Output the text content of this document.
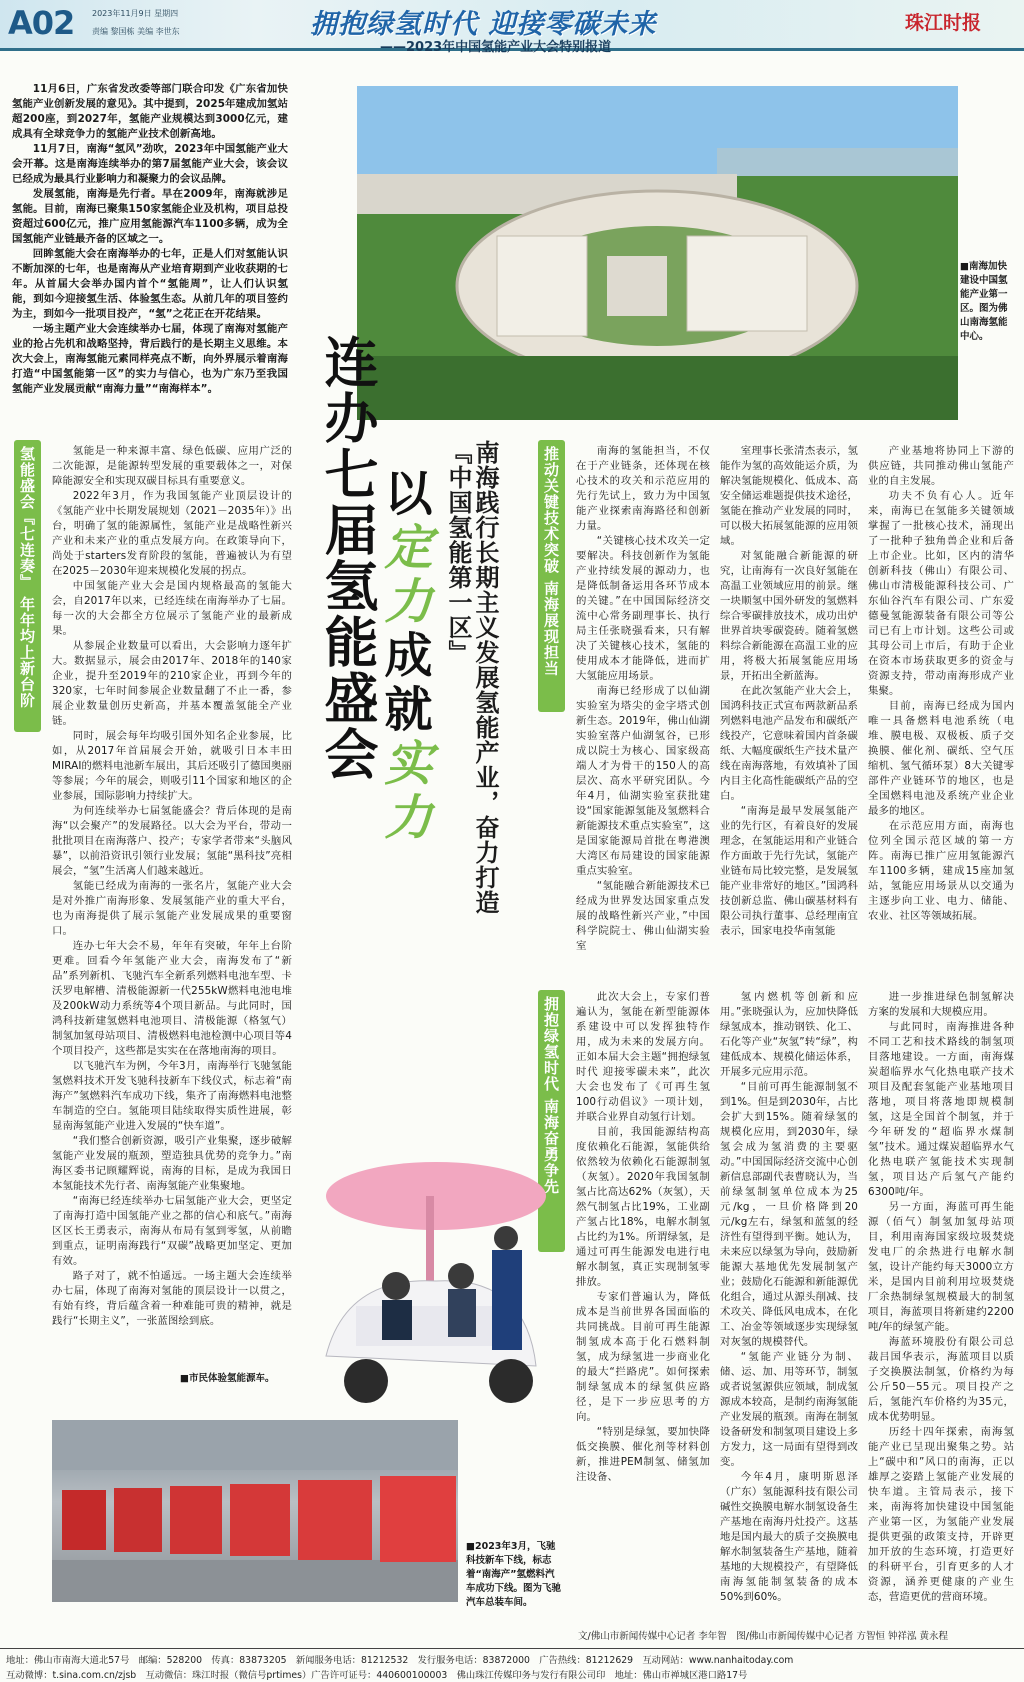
A02 2023年11月9日 星期四
责编 黎国栋 美编 李世东	拥抱绿氢时代 迎接零碳未来
——2023年中国氢能产业大会特别报道
珠江时报

11月6日，广东省发改委等部门联合印发《广东省加快氢能产业创新发展的意见》。其中提到，2025年建成加氢站超200座，到2027年，氢能产业规模达到3000亿元，建成具有全球竞争力的氢能产业技术创新高地。

11月7日，南海“氢风”劲吹，2023年中国氢能产业大会开幕。这是南海连续举办的第7届氢能产业大会，该会议已经成为最具行业影响力和凝聚力的会议品牌。

发展氢能，南海是先行者。早在2009年，南海就涉足氢能。目前，南海已聚集150家氢能企业及机构，项目总投资超过600亿元，推广应用氢能源汽车1100多辆，成为全国氢能产业链最齐备的区域之一。

回眸氢能大会在南海举办的七年，正是人们对氢能认识不断加深的七年，也是南海从产业培育期到产业收获期的七年。从首届大会举办国内首个“氢能周”，让人们认识氢能，到如今迎接氢生活、体验氢生态。从前几年的项目签约为主，到如今一批项目投产，“氢”之花正在开花结果。

一场主题产业大会连续举办七届，体现了南海对氢能产业的抢占先机和战略坚持，背后践行的是长期主义思维。本次大会上，南海氢能元素同样亮点不断，向外界展示着南海打造“中国氢能第一区”的实力与信心，也为广东乃至我国氢能产业发展贡献“南海力量”“南海样本”。

■南海加快建设中国氢能产业第一区。图为佛山南海氢能中心。
连办七届氢能盛会
以定力成就实力	南海践行长期主义发展氢能产业，奋力打造『中国氢能第一区』
氢能盛会『七连奏』 年年均上新台阶	推动关键技术突破 南海展现担当
拥抱绿氢时代 南海奋勇争先

氢能是一种来源丰富、绿色低碳、应用广泛的二次能源，是能源转型发展的重要载体之一，对保障能源安全和实现双碳目标具有重要意义。

2022年3月，作为我国氢能产业顶层设计的《氢能产业中长期发展规划（2021－2035年）》出台，明确了氢的能源属性，氢能产业是战略性新兴产业和未来产业的重点发展方向。在政策导向下，尚处于starters发育阶段的氢能，普遍被认为有望在2025－2030年迎来规模化发展的拐点。

中国氢能产业大会是国内规格最高的氢能大会，自2017年以来，已经连续在南海举办了七届。每一次的大会都全方位展示了氢能产业的最新成果。

从参展企业数量可以看出，大会影响力逐年扩大。数据显示，展会由2017年、2018年的140家企业，提升至2019年的210家企业，再到今年的320家，七年时间参展企业数量翻了不止一番，参展企业数量创历史新高，并基本覆盖氢能全产业链。

同时，展会每年均吸引国外知名企业参展，比如，从2017年首届展会开始，就吸引日本丰田MIRAI的燃料电池新车展出，其后还吸引了德国奥丽等参展；今年的展会，则吸引11个国家和地区的企业参展，国际影响力持续扩大。

为何连续举办七届氢能盛会？背后体现的是南海“以会聚产”的发展路径。以大会为平台，带动一批批项目在南海落户、投产；专家学者带来“头脑风暴”，以前沿资讯引领行业发展；氢能“黑科技”亮相展会，“氢”生活离人们越来越近。

氢能已经成为南海的一张名片，氢能产业大会是对外推广南海形象、发展氢能产业的重大平台，也为南海提供了展示氢能产业发展成果的重要窗口。

连办七年大会不易，年年有突破，年年上台阶更难。回看今年氢能产业大会，南海发布了“新品”系列新机、飞驰汽车全新系列燃料电池车型、卡沃罗电解槽、清极能源新一代255kW燃料电池电堆及200kW动力系统等4个项目新品。与此同时，国鸿科技新建氢燃料电池项目、清极能源（格氢气）制氢加氢母站项目、清极燃料电池检测中心项目等4个项目投产，这些都是实实在在落地南海的项目。

以飞驰汽车为例，今年3月，南海举行飞驰氢能氢燃料技术开发飞驰科技新车下线仪式，标志着“南海产”氢燃料汽车成功下线，集齐了南海燃料电池整车制造的空白。氢能项目陆续取得实质性进展，彰显南海氢能产业进入发展的“快车道”。

“我们整合创新资源，吸引产业集聚，逐步破解氢能产业发展的瓶颈，塑造独具优势的竞争力。”南海区委书记顾耀辉说，南海的目标，是成为我国日本氢能技术先行者、南海氢能产业集聚地。

“南海已经连续举办七届氢能产业大会，更坚定了南海打造中国氢能产业之都的信心和底气。”南海区区长王勇表示，南海从布局有氢到零氢，从前瞻到重点，证明南海践行“双碳”战略更加坚定、更加有效。

路子对了，就不怕遥远。一场主题大会连续举办七届，体现了南海对氢能的顶层设计一以贯之，有始有终，背后蕴含着一种难能可贵的精神，就是践行“长期主义”，一张蓝图绘到底。

南海的氢能担当，不仅在于产业链条，还体现在核心技术的攻关和示范应用的先行先试上，致力为中国氢能产业探索南海路径和创新力量。

“关键核心技术攻关一定要解决。科技创新作为氢能产业持续发展的源动力，也是降低制备运用各环节成本的关键。”在中国国际经济交流中心常务副理事长、执行局主任张晓强看来，只有解决了关键核心技术，氢能的使用成本才能降低，进而扩大氢能应用场景。

南海已经形成了以仙湖实验室为塔尖的金字塔式创新生态。2019年，佛山仙湖实验室落户仙湖氢谷，已形成以院士为核心、国家级高端人才为骨干的150人的高层次、高水平研究团队。今年4月，仙湖实验室获批建设“国家能源氢能及氢燃料合新能源技术重点实验室”，这是国家能源局首批在粤港澳大湾区布局建设的国家能源重点实验室。

“氢能融合新能源技术已经成为世界发达国家重点发展的战略性新兴产业，”中国科学院院士、佛山仙湖实验室

室理事长张清杰表示，氢能作为氢的高效能运介质，为解决氢能规模化、低成本、高安全储运难题提供技术途径，氢能在推动产业发展的同时，可以极大拓展氢能源的应用领域。

对氢能融合新能源的研究，让南海有一次良好氢能在高温工业领域应用的前景。继一块顺氢中国外研发的氢燃料综合零碳排放技术，成功出炉世界首块零碳瓷砖。随着氢燃料综合新能源在高温工业的应用，将极大拓展氢能应用场景，开拓出全新蓝海。

在此次氢能产业大会上，国鸿科技正式宣布两款新品系列燃料电池产品发布和碳纸产线投产，它意味着国内首条碳纸、大幅度碳纸生产技术量产线在南海落地，有效填补了国内目主化高性能碳纸产品的空白。

“南海是最早发展氢能产业的先行区，有着良好的发展理念，在氢能运用和产业链合作方面敢于先行先试，氢能产业链布局比较完整，是发展氢能产业非常好的地区。”国鸿科技创新总监、佛山碳基材料有限公司执行董事、总经理南宜表示，国家电投华南氢能

产业基地将协同上下游的供应链，共同推动佛山氢能产业的自主发展。

功夫不负有心人。近年来，南海已在氢能多关键领域掌握了一批核心技术，涌现出了一批种子独角兽企业和后备上市企业。比如，区内的清华创新科技（佛山）有限公司、佛山市清极能源科技公司、广东仙谷汽车有限公司、广东爱德曼氢能源装备有限公司等公司已有上市计划。这些公司或其母公司上市后，有助于企业在资本市场获取更多的资金与资源支持，带动南海形成产业集聚。

目前，南海已经成为国内唯一具备燃料电池系统（电堆、膜电极、双极板、质子交换膜、催化剂、碳纸、空气压缩机、氢气循环泵）8大关键零部件产业链环节的地区，也是全国燃料电池及系统产业企业最多的地区。

在示范应用方面，南海也位列全国示范区域的第一方阵。南海已推广应用氢能源汽车1100多辆，建成15座加氢站，氢能应用场景从以交通为主逐步向工业、电力、储能、农业、社区等领域拓展。

此次大会上，专家们普遍认为，氢能在新型能源体系建设中可以发挥独特作用，成为未来的发展方向。正如本届大会主题“拥抱绿氢时代 迎接零碳未来”，此次大会也发布了《可再生氢100行动倡议》一项计划，并联合业界自动氢行计划。

目前，我国能源结构高度依赖化石能源，氢能供给依然较为依赖化石能源制氢（灰氢）。2020年我国氢制氢占比高达62%（灰氢），天然气制氢占比19%，工业副产氢占比18%，电解水制氢占比约为1%。所谓绿氢，是通过可再生能源发电进行电解水制氢，真正实现制氢零排放。

专家们普遍认为，降低成本是当前世界各国面临的共同挑战。目前可再生能源制氢成本高于化石燃料制氢，成为绿氢进一步商业化的最大“拦路虎”。如何探索制绿氢成本的绿氢供应路径，是下一步应思考的方向。

“特别是绿氢，要加快降低交换膜、催化剂等材料创新，推进PEM制氢、储氢加注设备、

氢内燃机等创新和应用。”张晓强认为，应加快降低绿氢成本，推动钢铁、化工、石化等产业“灰氢”转“绿”，构建低成本、规模化储运体系，开展多元应用示范。

“目前可再生能源制氢不到1%。但是到2030年，占比会扩大到15%。随着绿氢的规模化应用，到2030年，绿氢会成为氢消费的主要驱动。”中国国际经济交流中心创新信息部副代表曹晓认为，当前绿氢制氢单位成本为25元/kg，一旦价格降到20元/kg左右，绿氢和蓝氢的经济性有望得到平衡。她认为，未来应以绿氢为导向，鼓励新能源大基地优先发展制氢产业；鼓励化石能源和新能源优化组合，通过从源头削减、技术攻关、降低风电成本，在化工、冶金等领域逐步实现绿氢对灰氢的规模替代。

“氢能产业链分为制、储、运、加、用等环节，制氢或者说氢源供应领域，制成氢源成本较高，是制约南海氢能产业发展的瓶颈。南海在制氢设备研发和制氢项目建设上多方发力，这一局面有望得到改变。

今年4月，康明斯恩泽（广东）氢能源科技有限公司碱性交换膜电解水制氢设备生产基地在南海丹灶投产。这基地是国内最大的质子交换膜电解水制氢装备生产基地，随着基地的大规模投产，有望降低南海氢能制氢装备的成本50%到60%。

进一步推进绿色制氢解决方案的发展和大规模应用。

与此同时，南海推进各种不同工艺和技术路线的制氢项目落地建设。一方面，南海煤炭超临界水气化热电联产技术项目及配套氢能产业基地项目落地，项目将落地即规模制氢，这是全国首个制氢，并于今年研发的“超临界水煤制氢”技术。通过煤炭超临界水气化热电联产氢能技术实现制氢，项目达产后氢气产能约6300吨/年。

另一方面，海蓝可再生能源（佰气）制氢加氢母站项目，利用南海国家级垃圾焚烧发电厂的余热进行电解水制氢，设计产能约每天3000立方米，是国内目前利用垃圾焚烧厂余热制绿氢规模最大的制氢项目，海蓝项目将新建约2200吨/年的绿氢产能。

海蓝环境股份有限公司总裁吕国华表示，海蓝项目以质子交换膜法制氢，价格约为每公斤50－55元。项目投产之后，氢能汽车价格约为35元，成本优势明显。

历经十四年探索，南海氢能产业已呈现出聚集之势。站上“碳中和”风口的南海，正以雄厚之姿踏上氢能产业发展的快车道。主管局表示，接下来，南海将加快建设中国氢能产业第一区，为氢能产业发展提供更强的政策支持，开辟更加开放的生态环境，打造更好的科研平台，引育更多的人才资源，涵养更健康的产业生态，营造更优的营商环境。

■市民体验氢能源车。
■2023年3月，飞驰科技新车下线，标志着“南海产”氢燃料汽车成功下线。图为飞驰汽车总装车间。
文/佛山市新闻传媒中心记者 李年智　图/佛山市新闻传媒中心记者 方智恒 钟祥泓 黄永程
地址：佛山市南海大道北57号　邮编：528200　传真：83873205　新闻服务电话：81212532　发行服务电话：83872000　广告热线：81212629　互动网站：www.nanhaitoday.com
互动微博：t.sina.com.cn/zjsb　互动微信：珠江时报（微信号prtimes）广告许可证号：440600100003　佛山珠江传媒印务与发行有限公司印　地址：佛山市禅城区港口路17号
